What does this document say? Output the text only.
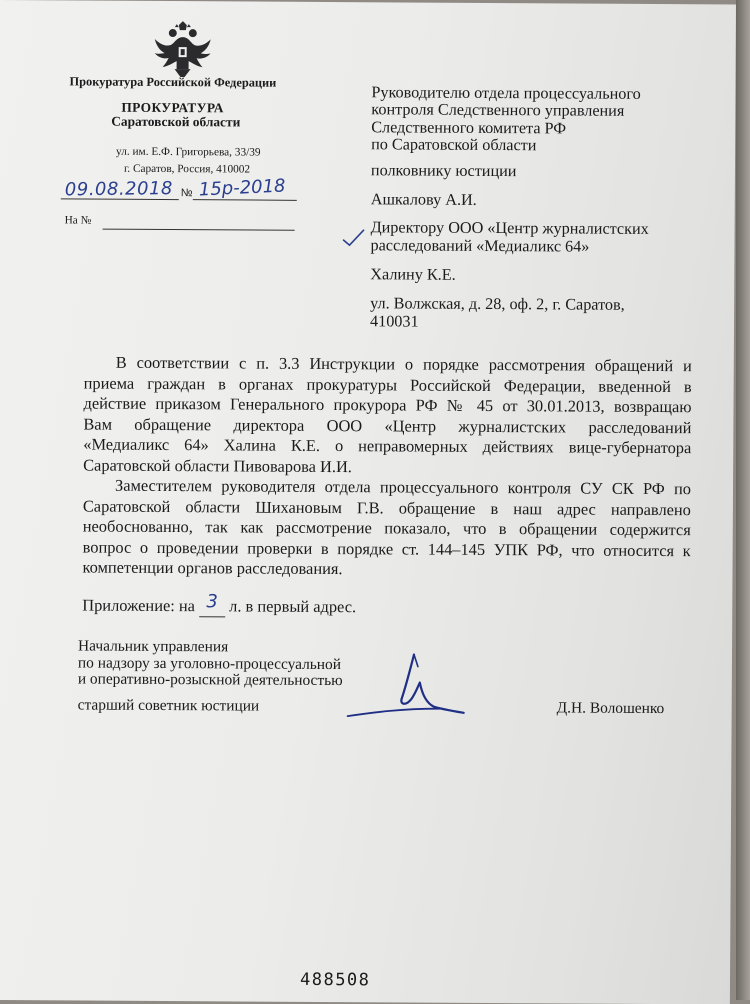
Прокуратура Российской Федерации
ПРОКУРАТУРА
Саратовской области
ул. им. Е.Ф. Григорьева, 33/39
г. Саратов, Россия, 410002
№
09.08.2018 15р-2018
На №
Руководителю отдела процессуального
контроля Следственного управления
Следственного комитета РФ
по Саратовской области
полковнику юстиции
Ашкалову А.И.
Директору ООО «Центр журналистских
расследований «Медиаликс 64»
Халину К.Е.
ул. Волжская, д. 28, оф. 2, г. Саратов,
410031
В соответствии с п. 3.3 Инструкции о порядке рассмотрения обращений и
приема граждан в органах прокуратуры Российской Федерации, введенной в
действие приказом Генерального прокурора РФ № 45 от 30.01.2013, возвращаю
Вам обращение директора ООО «Центр журналистских расследований
«Медиаликс 64» Халина К.Е. о неправомерных действиях вице-губернатора
Саратовской области Пивоварова И.И.
Заместителем руководителя отдела процессуального контроля СУ СК РФ по
Саратовской области Шихановым Г.В. обращение в наш адрес направлено
необоснованно, так как рассмотрение показало, что в обращении содержится
вопрос о проведении проверки в порядке ст. 144–145 УПК РФ, что относится к
компетенции органов расследования.
Приложение: на 3 л. в первый адрес.
Начальник управления
по надзору за уголовно-процессуальной
и оперативно-розыскной деятельностью
старший советник юстиции	Д.Н. Волошенко
488508
